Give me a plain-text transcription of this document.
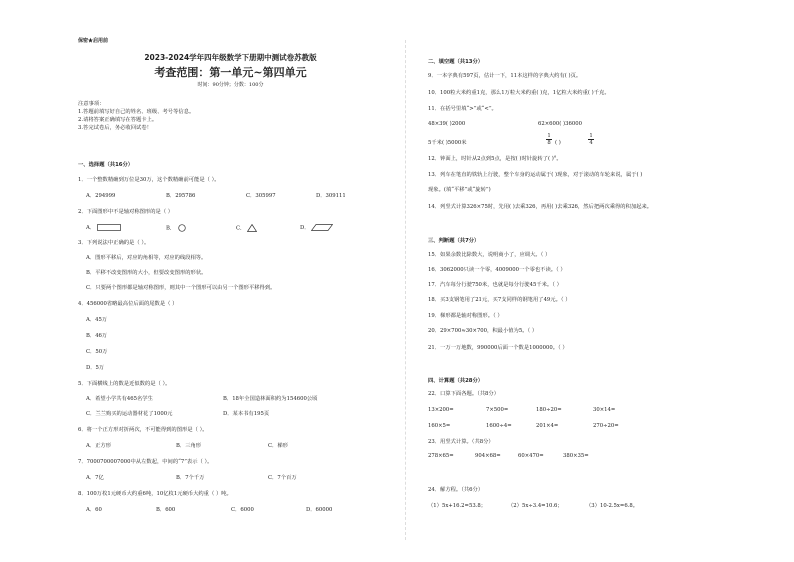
保密★启用前
2023-2024学年四年级数学下册期中测试卷苏教版
考查范围：第一单元~第四单元
时间：90分钟；分数：100分
注意事项：
1.答题前填写好自己的姓名、班级、考号等信息。
2.请将答案正确填写在答题卡上。
3.答完试卷后，务必收回试卷！
一、选择题（共16分）
1．一个整数精确到万位是30万，这个数精确前可能是（ ）。
A．294999	B．295786	C．305997	D．309111
2．下面图形中不是轴对称图形的是（ ）
A．	B．	C．	D．
3．下列说法中正确的是（ ）。
A．图形平移后，对应的角相等，对应的线段相等。
B．平移不改变图形的大小，但要改变图形的形状。
C．只要两个图形都是轴对称图形，则其中一个图形可以由另一个图形平移得到。
4．456000省略最高位后面的尾数是（ ）
A．45万
B．46万
C．50万
D．5万
5．下面横线上的数是近似数的是（ ）。
A．希望小学共有465名学生	B．18年全国造林面积约为154600公顷
C．兰兰购买的运动器材花了1000元	D．某本书有195页
6．将一个正方形对折两次，不可能得到的图形是（ ）。
A．正方形	B．三角形	C．梯形
7．7000700007000中从左数起，中间的“7”表示（ ）。
A．7亿	B．7个千万	C．7个百万
8．100万枚1元硬币大约重6吨，10亿枚1元硬币大约重（ ）吨。
A．60	B．600	C．6000	D．60000
二、填空题（共13分）
9．一本字典有597页，估计一下，11本这样的字典大约有( )页。
10．100粒大米约重1克，那么1万粒大米约重( )克，1亿粒大米约重( )千克。
11．在括号里填“>”或“<”。
48×39( )2000	62×600( )36000
5千米( )5000米	$\frac{1}{8}$ ( )	$\frac{1}{4}$
12．钟面上，时针从2点到5点，是按( )时针旋转了( )°。
13．列车在笔直的铁轨上行驶，整个车身的运动属于( )现象，对于滚动的车轮来说，属于( )
现象。(填“平移”或“旋转”)
14．列竖式计算326×75时，先用( )去乘326，再用( )去乘326，然后把两次乘得的积加起来。
三、判断题（共7分）
15．如果余数比除数大，说明商小了，应调大。（ ）
16．3062000只读一个零，4009000一个零也不读。（ ）
17．汽车每分行驶750米，也就是每分行驶45千米。（ ）
18．买3支钢笔用了21元，买7支同样的钢笔用了49元。（ ）
19．梯形都是轴对称图形。（ ）
20．29×700≈30×700，积最小值为5。（ ）
21．一万一万地数，990000后面一个数是1000000。（ ）
四、计算题（共28分）
22．口算下面各题。（共8分）
13×200=	7×500=	180÷20=	30×14=
160×5=	1600÷4=	201×4=	270÷20=
23．用竖式计算。（共8分）
278×65=	904×68=	60×470=	380×35=
24．解方程。（共6分）
（1）5x+16.2=53.8；	（2）5x÷3.4=10.6；	（3）10-2.5x=6.8。
